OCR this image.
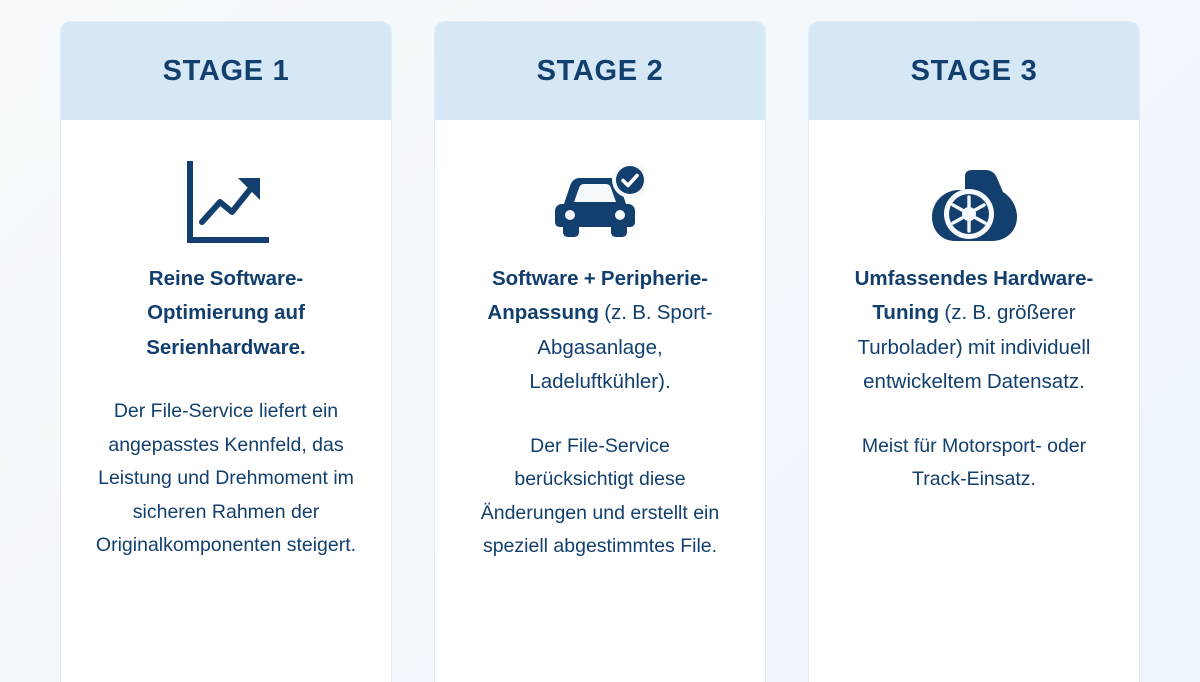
STAGE 1
Reine Software-Optimierung auf Serienhardware.
Der File-Service liefert ein angepasstes Kennfeld, das Leistung und Drehmoment im sicheren Rahmen der Originalkomponenten steigert.
STAGE 2
Software + Peripherie-Anpassung (z. B. Sport-Abgasanlage, Ladeluftkühler).
Der File-Service berücksichtigt diese Änderungen und erstellt ein speziell abgestimmtes File.
STAGE 3
Umfassendes Hardware-Tuning (z. B. größerer Turbolader) mit individuell entwickeltem Datensatz.
Meist für Motorsport- oder Track-Einsatz.
